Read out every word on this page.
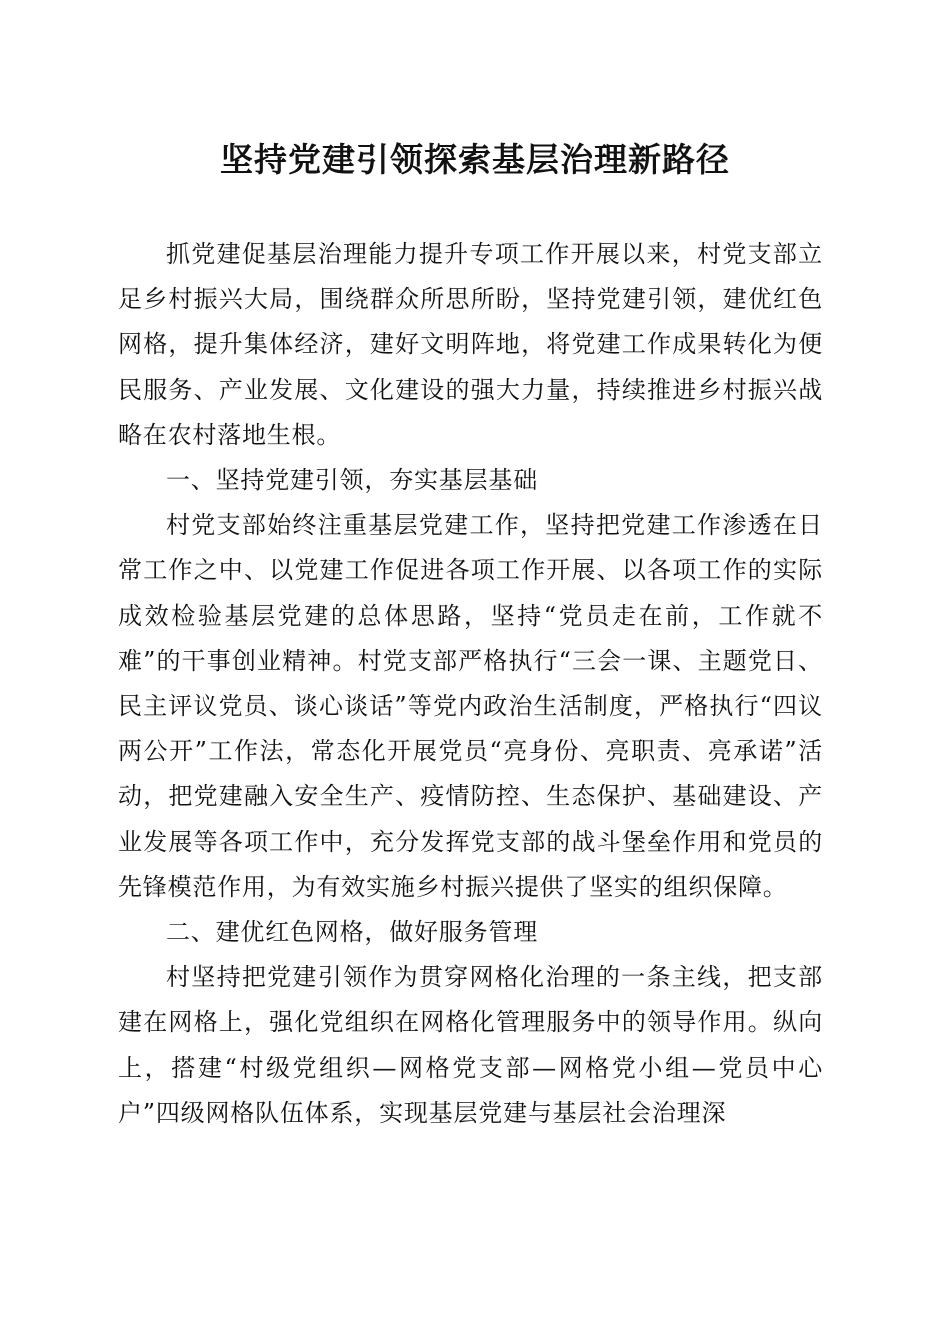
坚持党建引领探索基层治理新路径

抓党建促基层治理能力提升专项工作开展以来，村党支部立足乡村振兴大局，围绕群众所思所盼，坚持党建引领，建优红色网格，提升集体经济，建好文明阵地，将党建工作成果转化为便民服务、产业发展、文化建设的强大力量，持续推进乡村振兴战略在农村落地生根。

一、坚持党建引领，夯实基层基础

村党支部始终注重基层党建工作，坚持把党建工作渗透在日常工作之中、以党建工作促进各项工作开展、以各项工作的实际成效检验基层党建的总体思路，坚持“党员走在前，工作就不难”的干事创业精神。村党支部严格执行“三会一课、主题党日、民主评议党员、谈心谈话”等党内政治生活制度，严格执行“四议两公开”工作法，常态化开展党员“亮身份、亮职责、亮承诺”活动，把党建融入安全生产、疫情防控、生态保护、基础建设、产业发展等各项工作中，充分发挥党支部的战斗堡垒作用和党员的先锋模范作用，为有效实施乡村振兴提供了坚实的组织保障。

二、建优红色网格，做好服务管理

村坚持把党建引领作为贯穿网格化治理的一条主线，把支部建在网格上，强化党组织在网格化管理服务中的领导作用。纵向上，搭建“村级党组织—网格党支部—网格党小组—党员中心户”四级网格队伍体系，实现基层党建与基层社会治理深
